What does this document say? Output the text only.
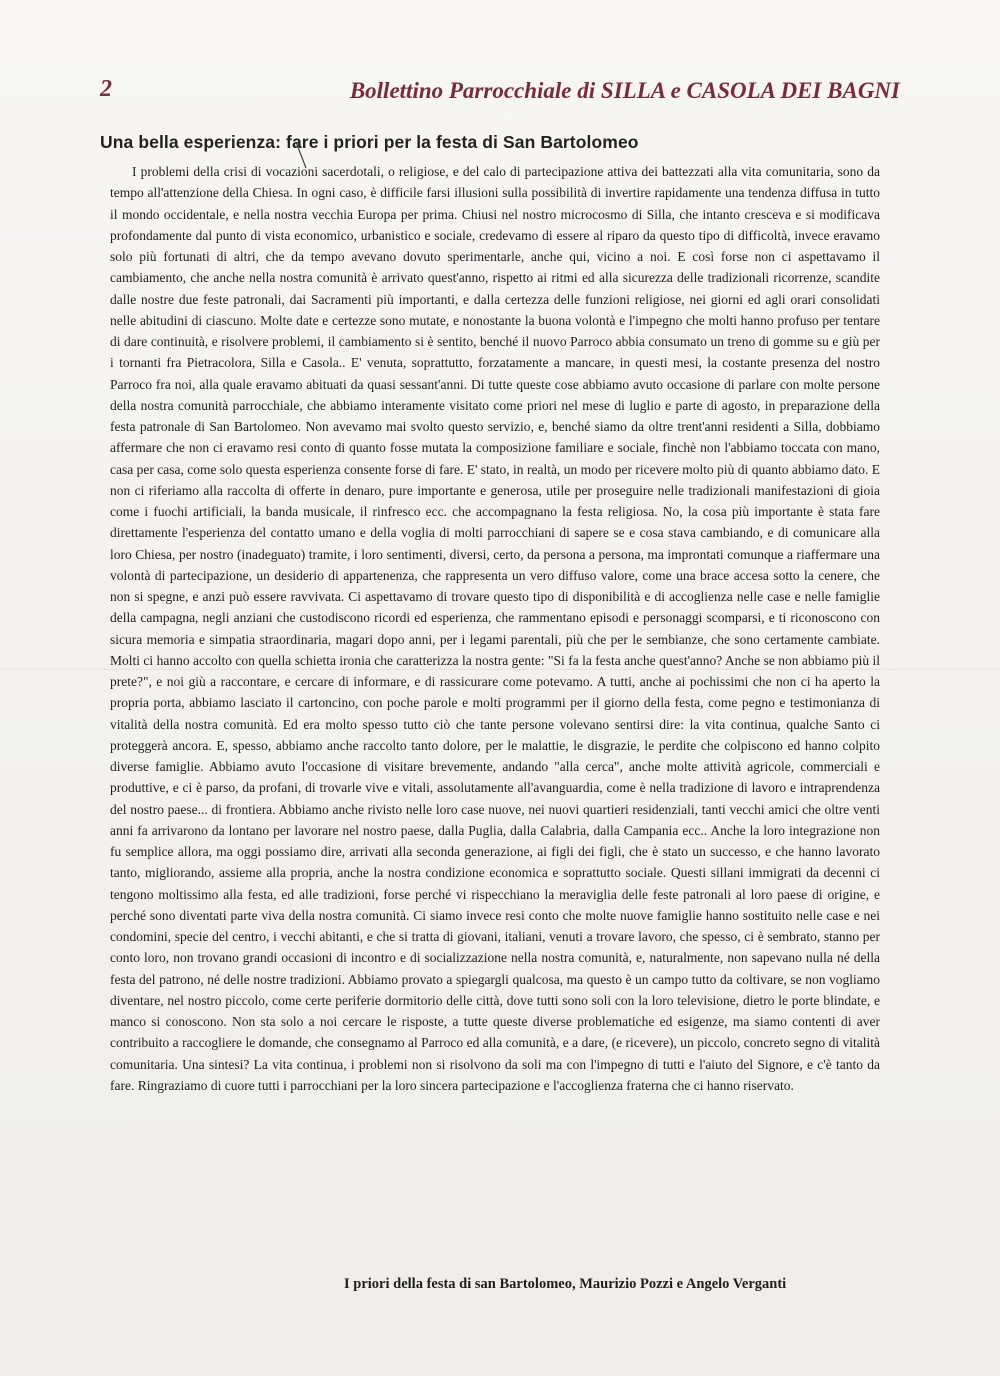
2	Bollettino Parrocchiale di SILLA e CASOLA DEI BAGNI
Una bella esperienza: fare i priori per la festa di San Bartolomeo

I problemi della crisi di vocazioni sacerdotali, o religiose, e del calo di partecipazione attiva dei battezzati alla vita comunitaria, sono da tempo all'attenzione della Chiesa. In ogni caso, è difficile farsi illusioni sulla possibilità di invertire rapidamente una tendenza diffusa in tutto il mondo occidentale, e nella nostra vecchia Europa per prima. Chiusi nel nostro microcosmo di Silla, che intanto cresceva e si modificava profondamente dal punto di vista economico, urbanistico e sociale, credevamo di essere al riparo da questo tipo di difficoltà, invece eravamo solo più fortunati di altri, che da tempo avevano dovuto sperimentarle, anche qui, vicino a noi. E così forse non ci aspettavamo il cambiamento, che anche nella nostra comunità è arrivato quest'anno, rispetto ai ritmi ed alla sicurezza delle tradizionali ricorrenze, scandite dalle nostre due feste patronali, dai Sacramenti più importanti, e dalla certezza delle funzioni religiose, nei giorni ed agli orari consolidati nelle abitudini di ciascuno. Molte date e certezze sono mutate, e nonostante la buona volontà e l'impegno che molti hanno profuso per tentare di dare continuità, e risolvere problemi, il cambiamento si è sentito, benché il nuovo Parroco abbia consumato un treno di gomme su e giù per i tornanti fra Pietracolora, Silla e Casola.. E' venuta, soprattutto, forzatamente a mancare, in questi mesi, la costante presenza del nostro Parroco fra noi, alla quale eravamo abituati da quasi sessant'anni. Di tutte queste cose abbiamo avuto occasione di parlare con molte persone della nostra comunità parrocchiale, che abbiamo interamente visitato come priori nel mese di luglio e parte di agosto, in preparazione della festa patronale di San Bartolomeo. Non avevamo mai svolto questo servizio, e, benché siamo da oltre trent'anni residenti a Silla, dobbiamo affermare che non ci eravamo resi conto di quanto fosse mutata la composizione familiare e sociale, finchè non l'abbiamo toccata con mano, casa per casa, come solo questa esperienza consente forse di fare. E' stato, in realtà, un modo per ricevere molto più di quanto abbiamo dato. E non ci riferiamo alla raccolta di offerte in denaro, pure importante e generosa, utile per proseguire nelle tradizionali manifestazioni di gioia come i fuochi artificiali, la banda musicale, il rinfresco ecc. che accompagnano la festa religiosa. No, la cosa più importante è stata fare direttamente l'esperienza del contatto umano e della voglia di molti parrocchiani di sapere se e cosa stava cambiando, e di comunicare alla loro Chiesa, per nostro (inadeguato) tramite, i loro sentimenti, diversi, certo, da persona a persona, ma improntati comunque a riaffermare una volontà di partecipazione, un desiderio di appartenenza, che rappresenta un vero diffuso valore, come una brace accesa sotto la cenere, che non si spegne, e anzi può essere ravvivata. Ci aspettavamo di trovare questo tipo di disponibilità e di accoglienza nelle case e nelle famiglie della campagna, negli anziani che custodiscono ricordi ed esperienza, che rammentano episodi e personaggi scomparsi, e ti riconoscono con sicura memoria e simpatia straordinaria, magari dopo anni, per i legami parentali, più che per le sembianze, che sono certamente cambiate. Molti ci hanno accolto con quella schietta ironia che caratterizza la nostra gente: "Si fa la festa anche quest'anno? Anche se non abbiamo più il prete?", e noi giù a raccontare, e cercare di informare, e di rassicurare come potevamo. A tutti, anche ai pochissimi che non ci ha aperto la propria porta, abbiamo lasciato il cartoncino, con poche parole e molti programmi per il giorno della festa, come pegno e testimonianza di vitalità della nostra comunità. Ed era molto spesso tutto ciò che tante persone volevano sentirsi dire: la vita continua, qualche Santo ci proteggerà ancora. E, spesso, abbiamo anche raccolto tanto dolore, per le malattie, le disgrazie, le perdite che colpiscono ed hanno colpito diverse famiglie. Abbiamo avuto l'occasione di visitare brevemente, andando "alla cerca", anche molte attività agricole, commerciali e produttive, e ci è parso, da profani, di trovarle vive e vitali, assolutamente all'avanguardia, come è nella tradizione di lavoro e intraprendenza del nostro paese... di frontiera. Abbiamo anche rivisto nelle loro case nuove, nei nuovi quartieri residenziali, tanti vecchi amici che oltre venti anni fa arrivarono da lontano per lavorare nel nostro paese, dalla Puglia, dalla Calabria, dalla Campania ecc.. Anche la loro integrazione non fu semplice allora, ma oggi possiamo dire, arrivati alla seconda generazione, ai figli dei figli, che è stato un successo, e che hanno lavorato tanto, migliorando, assieme alla propria, anche la nostra condizione economica e soprattutto sociale. Questi sillani immigrati da decenni ci tengono moltissimo alla festa, ed alle tradizioni, forse perché vi rispecchiano la meraviglia delle feste patronali al loro paese di origine, e perché sono diventati parte viva della nostra comunità. Ci siamo invece resi conto che molte nuove famiglie hanno sostituito nelle case e nei condomini, specie del centro, i vecchi abitanti, e che si tratta di giovani, italiani, venuti a trovare lavoro, che spesso, ci è sembrato, stanno per conto loro, non trovano grandi occasioni di incontro e di socializzazione nella nostra comunità, e, naturalmente, non sapevano nulla né della festa del patrono, né delle nostre tradizioni. Abbiamo provato a spiegargli qualcosa, ma questo è un campo tutto da coltivare, se non vogliamo diventare, nel nostro piccolo, come certe periferie dormitorio delle città, dove tutti sono soli con la loro televisione, dietro le porte blindate, e manco si conoscono. Non sta solo a noi cercare le risposte, a tutte queste diverse problematiche ed esigenze, ma siamo contenti di aver contribuito a raccogliere le domande, che consegnamo al Parroco ed alla comunità, e a dare, (e ricevere), un piccolo, concreto segno di vitalità comunitaria. Una sintesi? La vita continua, i problemi non si risolvono da soli ma con l'impegno di tutti e l'aiuto del Signore, e c'è tanto da fare. Ringraziamo di cuore tutti i parrocchiani per la loro sincera partecipazione e l'accoglienza fraterna che ci hanno riservato.

I priori della festa di san Bartolomeo, Maurizio Pozzi e Angelo Verganti
